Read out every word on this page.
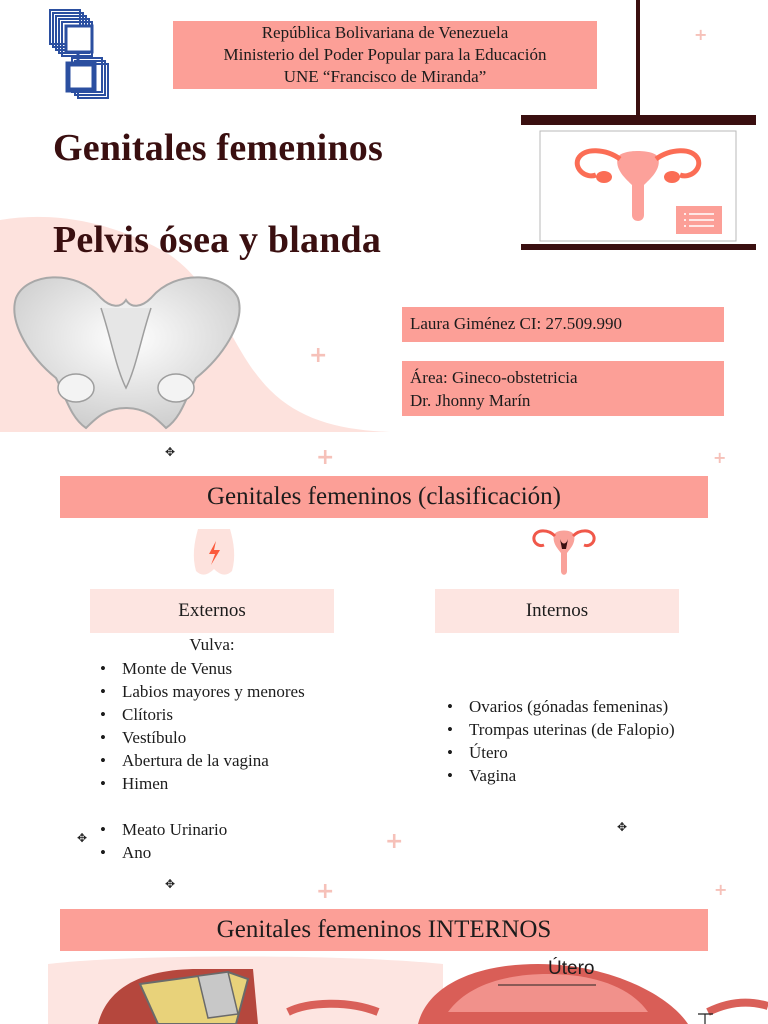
República Bolivariana de Venezuela
Ministerio del Poder Popular para la Educación
UNE “Francisco de Miranda”
Genitales femeninos
Pelvis ósea y blanda
Laura Giménez CI: 27.509.990
Área: Gineco-obstetricia
Dr. Jhonny Marín
+
+
+	+
+
+	+
✥
✥
✥
✥
Genitales femeninos (clasificación)
Externos	Internos
Vulva:
• Monte de Venus
• Labios mayores y menores
• Clítoris
• Vestíbulo
• Abertura de la vagina
• Himen
• Meato Urinario
• Ano
• Ovarios (gónadas femeninas)
• Trompas uterinas (de Falopio)
• Útero
• Vagina
Genitales femeninos INTERNOS
Útero
